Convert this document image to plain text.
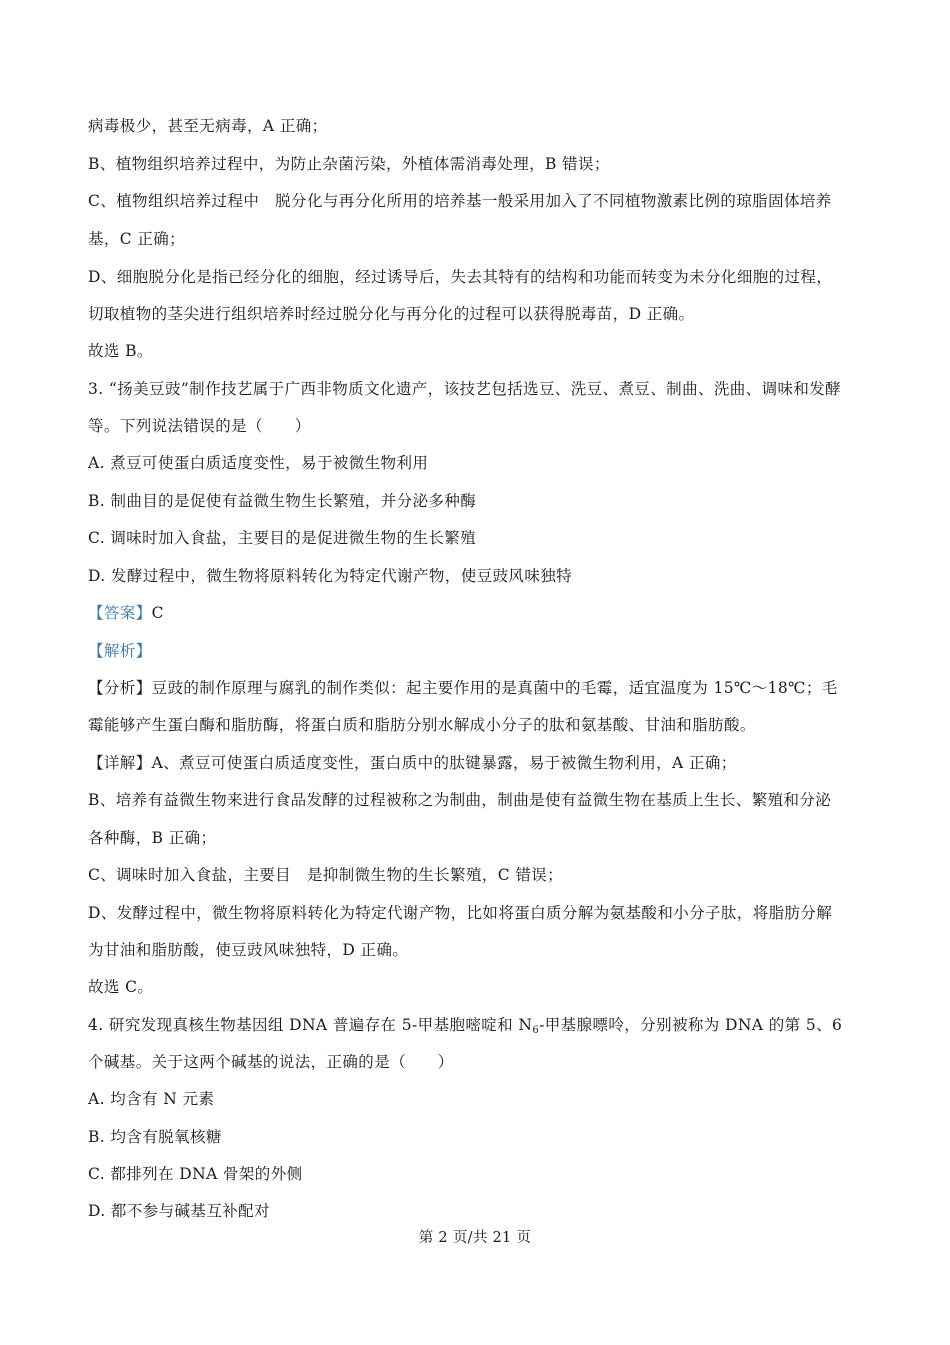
病毒极少，甚至无病毒，A 正确；
B、植物组织培养过程中，为防止杂菌污染，外植体需消毒处理，B 错误；
C、植物组织培养过程中　脱分化与再分化所用的培养基一般采用加入了不同植物激素比例的琼脂固体培养
基，C 正确；
D、细胞脱分化是指已经分化的细胞，经过诱导后，失去其特有的结构和功能而转变为未分化细胞的过程，
切取植物的茎尖进行组织培养时经过脱分化与再分化的过程可以获得脱毒苗，D 正确。
故选 B。
3. “扬美豆豉”制作技艺属于广西非物质文化遗产，该技艺包括选豆、洗豆、煮豆、制曲、洗曲、调味和发酵
等。下列说法错误的是（　　）
A. 煮豆可使蛋白质适度变性，易于被微生物利用
B. 制曲目的是促使有益微生物生长繁殖，并分泌多种酶
C. 调味时加入食盐，主要目的是促进微生物的生长繁殖
D. 发酵过程中，微生物将原料转化为特定代谢产物，使豆豉风味独特
【答案】C
【解析】
【分析】豆豉的制作原理与腐乳的制作类似：起主要作用的是真菌中的毛霉，适宜温度为 15℃～18℃；毛
霉能够产生蛋白酶和脂肪酶，将蛋白质和脂肪分别水解成小分子的肽和氨基酸、甘油和脂肪酸。
【详解】A、煮豆可使蛋白质适度变性，蛋白质中的肽键暴露，易于被微生物利用，A 正确；
B、培养有益微生物来进行食品发酵的过程被称之为制曲，制曲是使有益微生物在基质上生长、繁殖和分泌
各种酶，B 正确；
C、调味时加入食盐，主要目　是抑制微生物的生长繁殖，C 错误；
D、发酵过程中，微生物将原料转化为特定代谢产物，比如将蛋白质分解为氨基酸和小分子肽，将脂肪分解
为甘油和脂肪酸，使豆豉风味独特，D 正确。
故选 C。
4. 研究发现真核生物基因组 DNA 普遍存在 5-甲基胞嘧啶和 $N_6-$甲基腺嘌呤，分别被称为 DNA 的第 5、6
个碱基。关于这两个碱基的说法，正确的是（　　）
A. 均含有 N 元素
B. 均含有脱氧核糖
C. 都排列在 DNA 骨架的外侧
D. 都不参与碱基互补配对
第 2 页/共 21 页
